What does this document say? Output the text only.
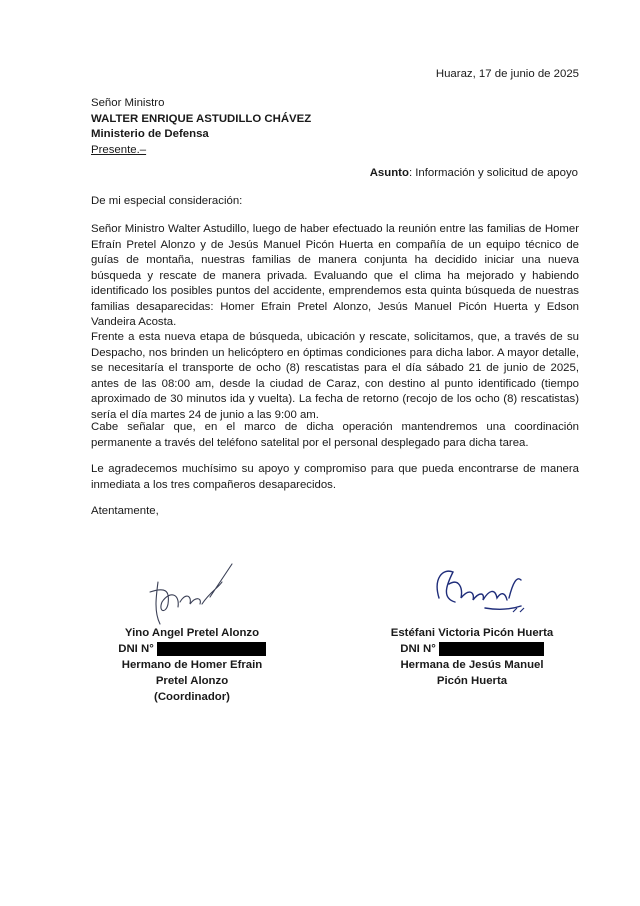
Huaraz, 17 de junio de 2025
Señor Ministro
WALTER ENRIQUE ASTUDILLO CHÁVEZ
Ministerio de Defensa
Presente.–
Asunto: Información y solicitud de apoyo
De mi especial consideración:

Señor Ministro Walter Astudillo, luego de haber efectuado la reunión entre las familias de Homer Efraín Pretel Alonzo y de Jesús Manuel Picón Huerta en compañía de un equipo técnico de guías de montaña, nuestras familias de manera conjunta ha decidido iniciar una nueva búsqueda y rescate de manera privada. Evaluando que el clima ha mejorado y habiendo identificado los posibles puntos del accidente, emprendemos esta quinta búsqueda de nuestras familias desaparecidas: Homer Efrain Pretel Alonzo, Jesús Manuel Picón Huerta y Edson Vandeira Acosta.

Frente a esta nueva etapa de búsqueda, ubicación y rescate, solicitamos, que, a través de su Despacho, nos brinden un helicóptero en óptimas condiciones para dicha labor. A mayor detalle, se necesitaría el transporte de ocho (8) rescatistas para el día sábado 21 de junio de 2025, antes de las 08:00 am, desde la ciudad de Caraz, con destino al punto identificado (tiempo aproximado de 30 minutos ida y vuelta). La fecha de retorno (recojo de los ocho (8) rescatistas) sería el día martes 24 de junio a las 9:00 am.

Cabe señalar que, en el marco de dicha operación mantendremos una coordinación permanente a través del teléfono satelital por el personal desplegado para dicha tarea.

Le agradecemos muchísimo su apoyo y compromiso para que pueda encontrarse de manera inmediata a los tres compañeros desaparecidos.

Atentamente,
Yino Angel Pretel Alonzo
DNI N°
Hermano de Homer Efrain
Pretel Alonzo
(Coordinador)
Estéfani Victoria Picón Huerta
DNI N°
Hermana de Jesús Manuel
Picón Huerta
